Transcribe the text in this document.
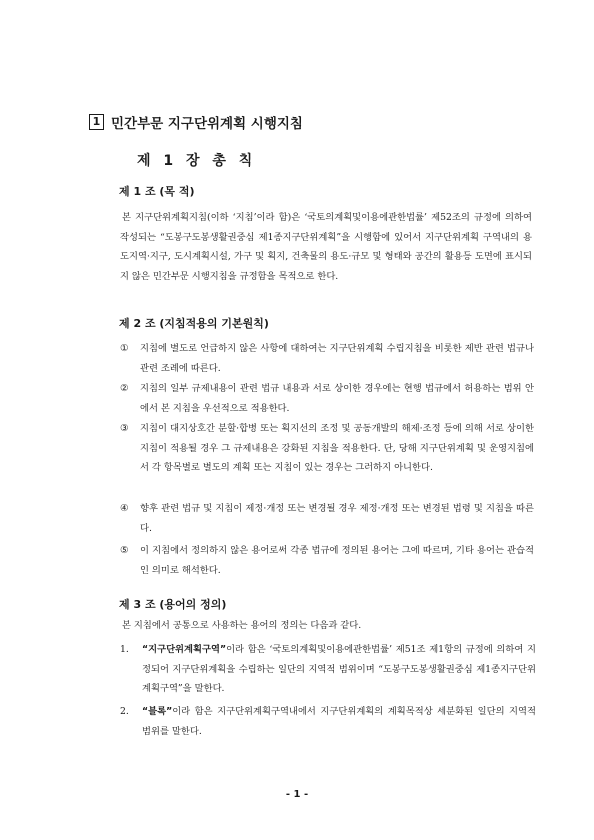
1 민간부문 지구단위계획 시행지침
제 1 장 총 칙
제 1 조 (목 적)
본 지구단위계획지침(이하 ‘지침’이라 함)은 ‘국토의계획및이용에관한법률’ 제52조의 규정에 의하여 작성되는 “도봉구도봉생활권중심 제1종지구단위계획”을 시행함에 있어서 지구단위계획 구역내의 용도지역·지구, 도시계획시설, 가구 및 획지, 건축물의 용도·규모 및 형태와 공간의 활용등 도면에 표시되지 않은 민간부문 시행지침을 규정함을 목적으로 한다.
제 2 조 (지침적용의 기본원칙)
① 지침에 별도로 언급하지 않은 사항에 대하여는 지구단위계획 수립지침을 비롯한 제반 관련 법규나 관련 조례에 따른다.
② 지침의 일부 규제내용이 관련 법규 내용과 서로 상이한 경우에는 현행 법규에서 허용하는 범위 안에서 본 지침을 우선적으로 적용한다.
③ 지침이 대지상호간 분할·합병 또는 획지선의 조정 및 공동개발의 해제·조정 등에 의해 서로 상이한 지침이 적용될 경우 그 규제내용은 강화된 지침을 적용한다. 단, 당해 지구단위계획 및 운영지침에서 각 항목별로 별도의 계획 또는 지침이 있는 경우는 그러하지 아니한다.
④ 향후 관련 법규 및 지침이 제정·개정 또는 변경될 경우 제정·개정 또는 변경된 법령 및 지침을 따른다.
⑤ 이 지침에서 정의하지 않은 용어로써 각종 법규에 정의된 용어는 그에 따르며, 기타 용어는 관습적인 의미로 해석한다.
제 3 조 (용어의 정의)
본 지침에서 공통으로 사용하는 용어의 정의는 다음과 같다.
1. “지구단위계획구역”이라 함은 ‘국토의계획및이용에관한법률’ 제51조 제1항의 규정에 의하여 지정되어 지구단위계획을 수립하는 일단의 지역적 범위이며 “도봉구도봉생활권중심 제1종지구단위계획구역”을 말한다.
2. “블록”이라 함은 지구단위계획구역내에서 지구단위계획의 계획목적상 세분화된 일단의 지역적 범위를 말한다.
- 1 -
